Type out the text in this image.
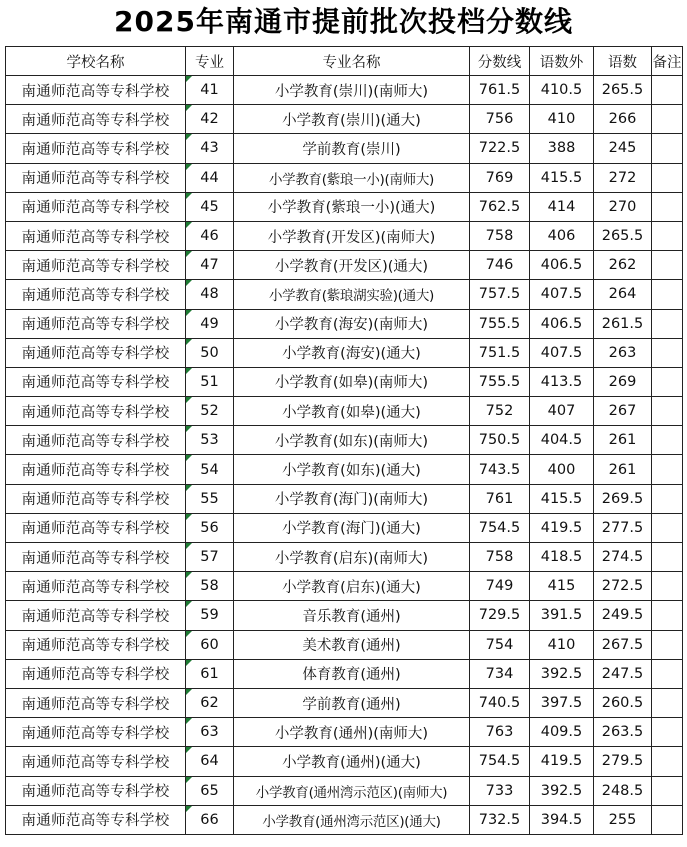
2025年南通市提前批次投档分数线
学校名称	专业	专业名称	分数线	语数外	语数	备注
南通师范高等专科学校	41	小学教育(崇川)(南师大)	761.5	410.5	265.5	
南通师范高等专科学校	42	小学教育(崇川)(通大)	756	410	266	
南通师范高等专科学校	43	学前教育(崇川)	722.5	388	245	
南通师范高等专科学校	44	小学教育(紫琅一小)(南师大)	769	415.5	272	
南通师范高等专科学校	45	小学教育(紫琅一小)(通大)	762.5	414	270	
南通师范高等专科学校	46	小学教育(开发区)(南师大)	758	406	265.5	
南通师范高等专科学校	47	小学教育(开发区)(通大)	746	406.5	262	
南通师范高等专科学校	48	小学教育(紫琅湖实验)(通大)	757.5	407.5	264	
南通师范高等专科学校	49	小学教育(海安)(南师大)	755.5	406.5	261.5	
南通师范高等专科学校	50	小学教育(海安)(通大)	751.5	407.5	263	
南通师范高等专科学校	51	小学教育(如皋)(南师大)	755.5	413.5	269	
南通师范高等专科学校	52	小学教育(如皋)(通大)	752	407	267	
南通师范高等专科学校	53	小学教育(如东)(南师大)	750.5	404.5	261	
南通师范高等专科学校	54	小学教育(如东)(通大)	743.5	400	261	
南通师范高等专科学校	55	小学教育(海门)(南师大)	761	415.5	269.5	
南通师范高等专科学校	56	小学教育(海门)(通大)	754.5	419.5	277.5	
南通师范高等专科学校	57	小学教育(启东)(南师大)	758	418.5	274.5	
南通师范高等专科学校	58	小学教育(启东)(通大)	749	415	272.5	
南通师范高等专科学校	59	音乐教育(通州)	729.5	391.5	249.5	
南通师范高等专科学校	60	美术教育(通州)	754	410	267.5	
南通师范高等专科学校	61	体育教育(通州)	734	392.5	247.5	
南通师范高等专科学校	62	学前教育(通州)	740.5	397.5	260.5	
南通师范高等专科学校	63	小学教育(通州)(南师大)	763	409.5	263.5	
南通师范高等专科学校	64	小学教育(通州)(通大)	754.5	419.5	279.5	
南通师范高等专科学校	65	小学教育(通州湾示范区)(南师大)	733	392.5	248.5	
南通师范高等专科学校	66	小学教育(通州湾示范区)(通大)	732.5	394.5	255	
